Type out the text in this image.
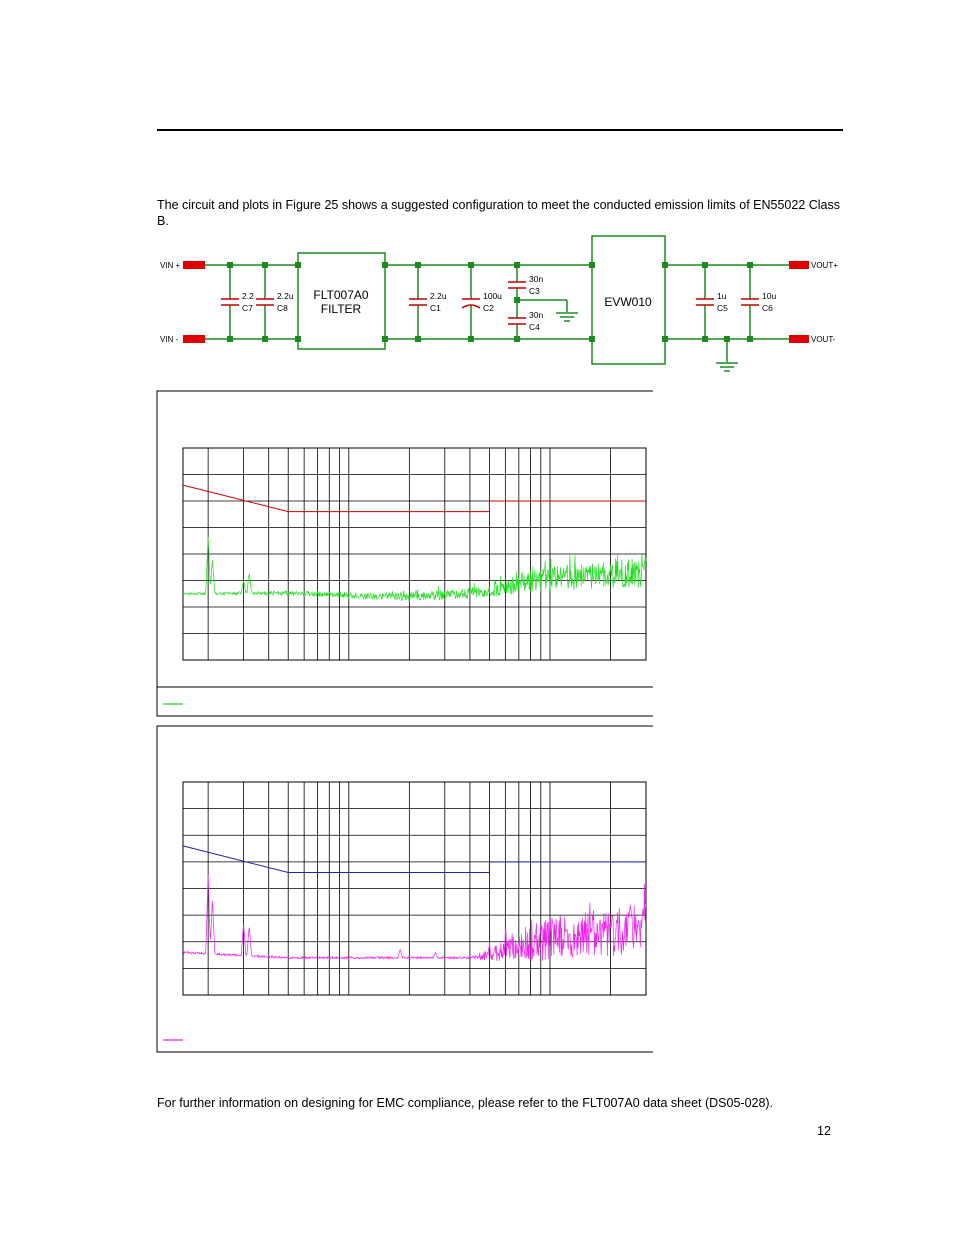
The circuit and plots in Figure 25 shows a suggested configuration to meet the conducted emission limits of EN55022 Class B.

FLT007A0
FILTER	EVW010
VIN +
VIN -
VOUT+
VOUT-
2.2
C7
2.2u
C8
2.2u
C1
100u
C2
30n
C3
30n
C4
1u
C5
10u
C6

For further information on designing for EMC compliance, please refer to the FLT007A0 data sheet (DS05-028).

12
